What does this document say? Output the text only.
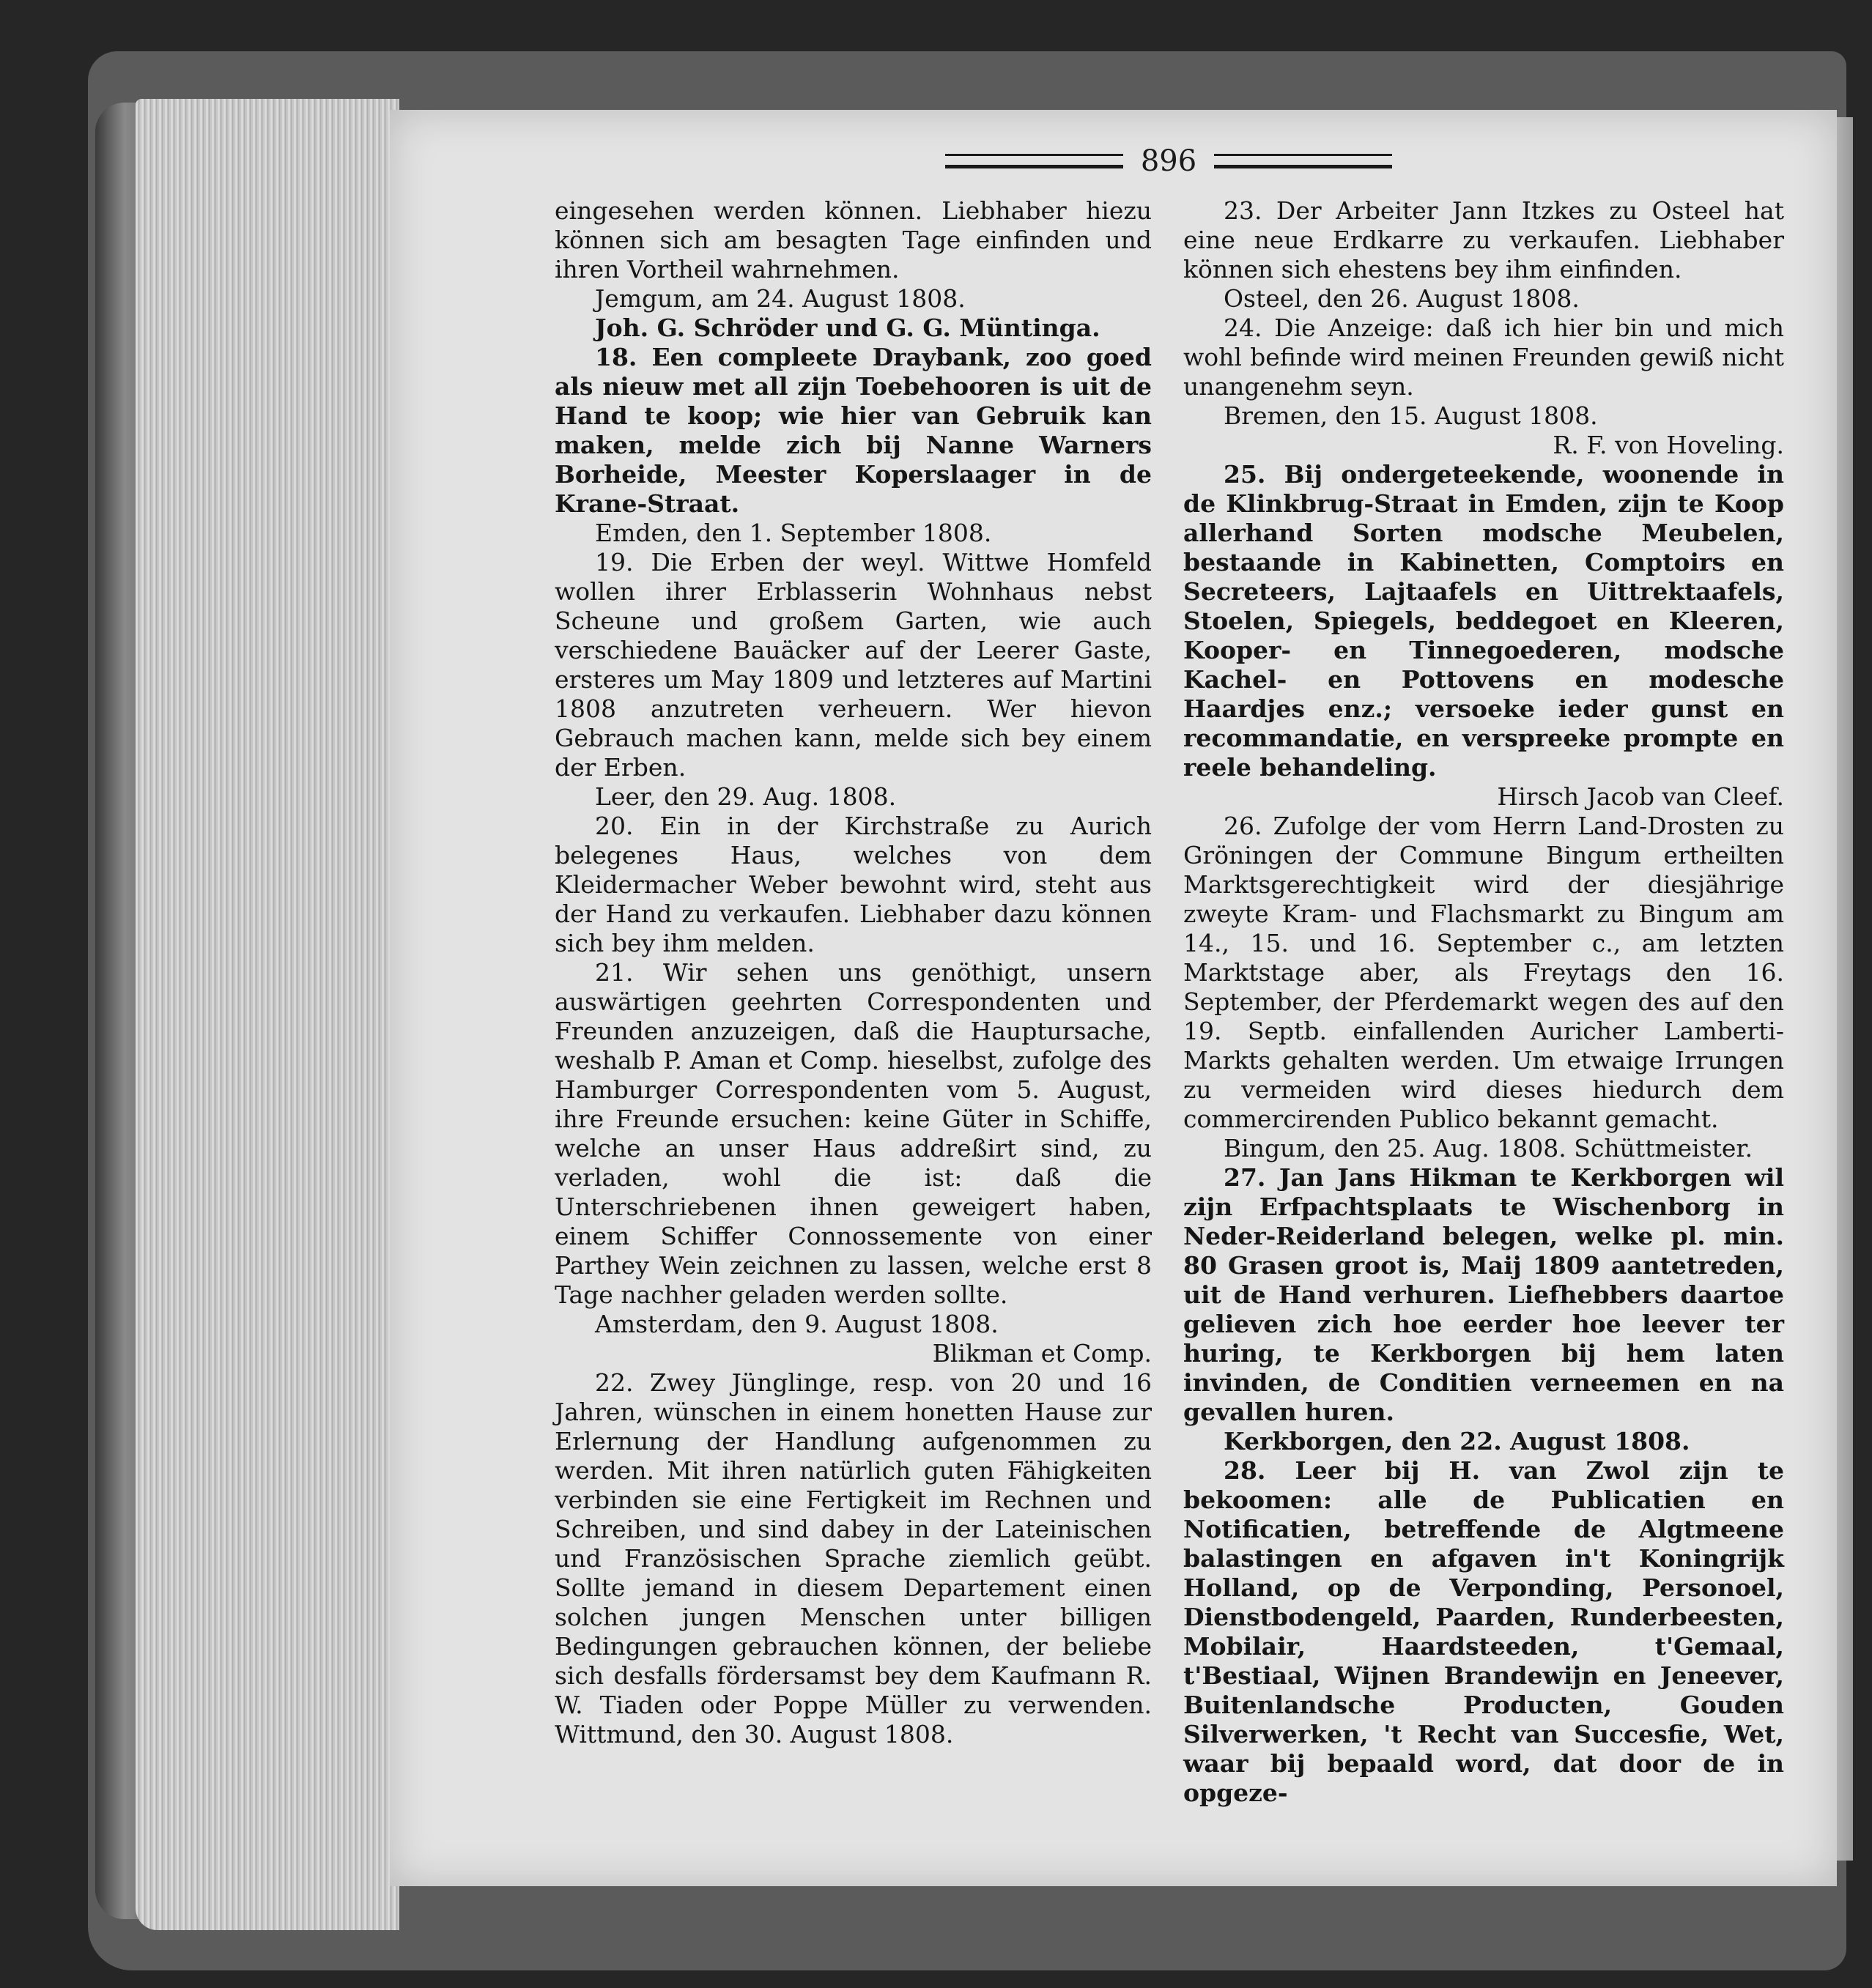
896

eingesehen werden können. Liebhaber hiezu können sich am besagten Tage einfinden und ihren Vortheil wahrnehmen.

Jemgum, am 24. August 1808.

Joh. G. Schröder und G. G. Müntinga.

18. Een compleete Draybank, zoo goed als nieuw met all zijn Toebehooren is uit de Hand te koop; wie hier van Gebruik kan maken, melde zich bij Nanne Warners Borheide, Meester Koperslaager in de Krane-Straat.

Emden, den 1. September 1808.

19. Die Erben der weyl. Wittwe Homfeld wollen ihrer Erblasserin Wohnhaus nebst Scheune und großem Garten, wie auch verschiedene Bauäcker auf der Leerer Gaste, ersteres um May 1809 und letzteres auf Martini 1808 anzutreten verheuern. Wer hievon Gebrauch machen kann, melde sich bey einem der Erben.

Leer, den 29. Aug. 1808.

20. Ein in der Kirchstraße zu Aurich belegenes Haus, welches von dem Kleidermacher Weber bewohnt wird, steht aus der Hand zu verkaufen. Liebhaber dazu können sich bey ihm melden.

21. Wir sehen uns genöthigt, unsern auswärtigen geehrten Correspondenten und Freunden anzuzeigen, daß die Hauptursache, weshalb P. Aman et Comp. hieselbst, zufolge des Hamburger Correspondenten vom 5. August, ihre Freunde ersuchen: keine Güter in Schiffe, welche an unser Haus addreßirt sind, zu verladen, wohl die ist: daß die Unterschriebenen ihnen geweigert haben, einem Schiffer Connossemente von einer Parthey Wein zeichnen zu lassen, welche erst 8 Tage nachher geladen werden sollte.

Amsterdam, den 9. August 1808.

Blikman et Comp.

22. Zwey Jünglinge, resp. von 20 und 16 Jahren, wünschen in einem honetten Hause zur Erlernung der Handlung aufgenommen zu werden. Mit ihren natürlich guten Fähigkeiten verbinden sie eine Fertigkeit im Rechnen und Schreiben, und sind dabey in der Lateinischen und Französischen Sprache ziemlich geübt. Sollte jemand in diesem Departement einen solchen jungen Menschen unter billigen Bedingungen gebrauchen können, der beliebe sich desfalls fördersamst bey dem Kaufmann R. W. Tiaden oder Poppe Müller zu verwenden. Wittmund, den 30. August 1808.

23. Der Arbeiter Jann Itzkes zu Osteel hat eine neue Erdkarre zu verkaufen. Liebhaber können sich ehestens bey ihm einfinden.

Osteel, den 26. August 1808.

24. Die Anzeige: daß ich hier bin und mich wohl befinde wird meinen Freunden gewiß nicht unangenehm seyn.

Bremen, den 15. August 1808.

R. F. von Hoveling.

25. Bij ondergeteekende, woonende in de Klinkbrug-Straat in Emden, zijn te Koop allerhand Sorten modsche Meubelen, bestaande in Kabinetten, Comptoirs en Secreteers, Lajtaafels en Uittrektaafels, Stoelen, Spiegels, beddegoet en Kleeren, Kooper- en Tinnegoederen, modsche Kachel- en Pottovens en modesche Haardjes enz.; versoeke ieder gunst en recommandatie, en verspreeke prompte en reele behandeling.

Hirsch Jacob van Cleef.

26. Zufolge der vom Herrn Land-Drosten zu Gröningen der Commune Bingum ertheilten Marktsgerechtigkeit wird der diesjährige zweyte Kram- und Flachsmarkt zu Bingum am 14., 15. und 16. September c., am letzten Marktstage aber, als Freytags den 16. September, der Pferdemarkt wegen des auf den 19. Septb. einfallenden Auricher Lamberti-Markts gehalten werden. Um etwaige Irrungen zu vermeiden wird dieses hiedurch dem commercirenden Publico bekannt gemacht.

Bingum, den 25. Aug. 1808. Schüttmeister.

27. Jan Jans Hikman te Kerkborgen wil zijn Erfpachtsplaats te Wischenborg in Neder-Reiderland belegen, welke pl. min. 80 Grasen groot is, Maij 1809 aantetreden, uit de Hand verhuren. Liefhebbers daartoe gelieven zich hoe eerder hoe leever ter huring, te Kerkborgen bij hem laten invinden, de Conditien verneemen en na gevallen huren.

Kerkborgen, den 22. August 1808.

28. Leer bij H. van Zwol zijn te bekoomen: alle de Publicatien en Notificatien, betreffende de Algtmeene balastingen en afgaven in't Koningrijk Holland, op de Verponding, Personoel, Dienstbodengeld, Paarden, Runderbeesten, Mobilair, Haardsteeden, t'Gemaal, t'Bestiaal, Wijnen Brandewijn en Jeneever, Buitenlandsche Producten, Gouden Silverwerken, 't Recht van Succesfie, Wet, waar bij bepaald word, dat door de in opgeze-
